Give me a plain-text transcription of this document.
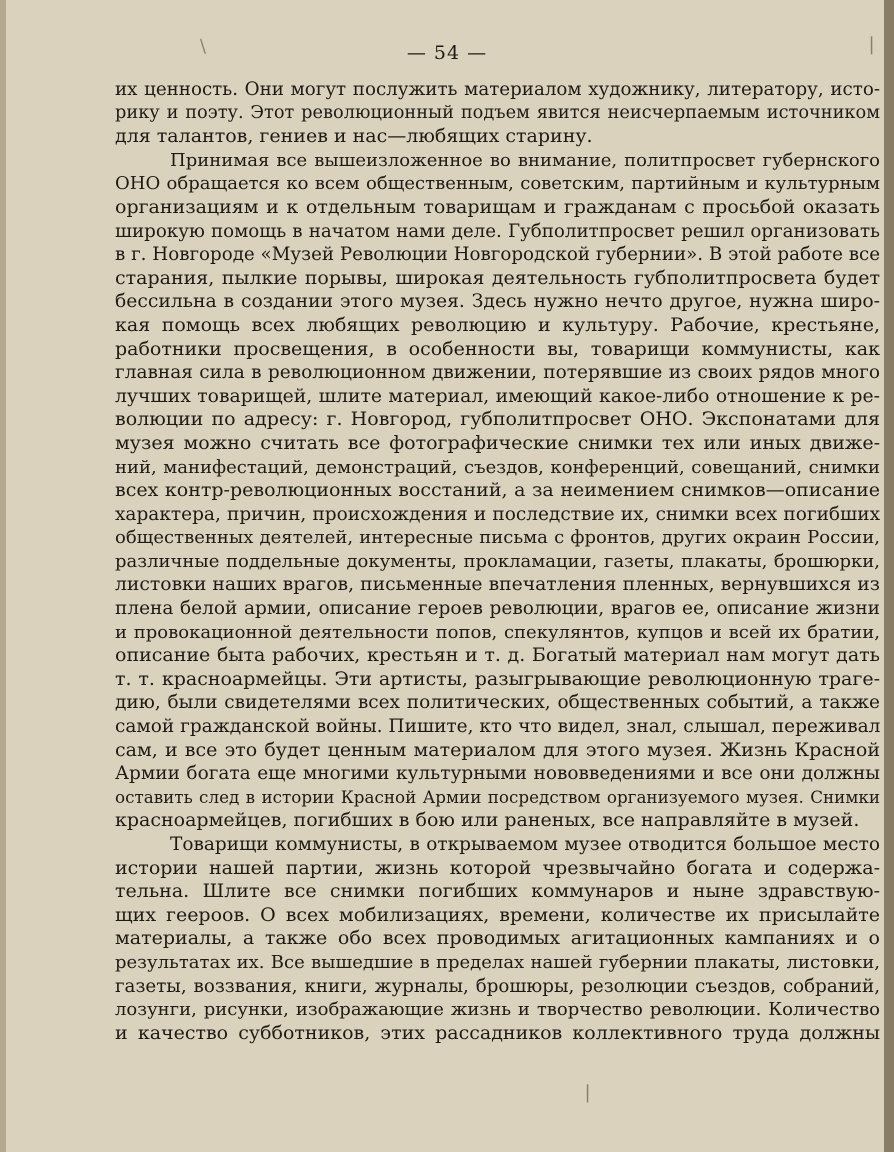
/	❘
— 54 —
их ценность. Они могут послужить материалом художнику, литератору, исто-
рику и поэту. Этот революционный подъем явится неисчерпаемым источником
для талантов, гениев и нас—любящих старину.
Принимая все вышеизложенное во внимание, политпросвет губернского
ОНО обращается ко всем общественным, советским, партийным и культурным
организациям и к отдельным товарищам и гражданам с просьбой оказать
широкую помощь в начатом нами деле. Губполитпросвет решил организовать
в г. Новгороде «Музей Революции Новгородской губернии». В этой работе все
старания, пылкие порывы, широкая деятельность губполитпросвета будет
бессильна в создании этого музея. Здесь нужно нечто другое, нужна широ-
кая помощь всех любящих революцию и культуру. Рабочие, крестьяне,
работники просвещения, в особенности вы, товарищи коммунисты, как
главная сила в революционном движении, потерявшие из своих рядов много
лучших товарищей, шлите материал, имеющий какое-либо отношение к ре-
волюции по адресу: г. Новгород, губполитпросвет ОНО. Экспонатами для
музея можно считать все фотографичеcкие снимки тех или иных движе-
ний, манифестаций, демонстраций, съездов, конференций, совещаний, снимки
всех контр-революционных восстаний, а за неимением снимков—описание
характера, причин, происхождения и последствие их, снимки всех погибших
общественных деятелей, интересные письма с фронтов, других окраин России,
различные поддельные документы, прокламации, газеты, плакаты, брошюрки,
листовки наших врагов, письменные впечатления пленных, вернувшихся из
плена белой армии, описание героев революции, врагов ее, описание жизни
и провокационной деятельности попов, спекулянтов, купцов и всей их братии,
описание быта рабочих, крестьян и т. д. Богатый материал нам могут дать
т. т. красноармейцы. Эти артисты, разыгрывающие революционную траге-
дию, были свидетелями всех политических, общественных событий, а также
самой гражданской войны. Пишите, кто что видел, знал, слышал, переживал
сам, и все это будет ценным материалом для этого музея. Жизнь Красной
Армии богата еще многими культурными нововведениями и все они должны
оставить след в истории Красной Армии посредством организуемого музея. Снимки
красноармейцев, погибших в бою или раненых, все направляйте в музей.
Товарищи коммунисты, в открываемом музее отводится большое место
истории нашей партии, жизнь которой чрезвычайно богата и содержа-
тельна. Шлите все снимки погибших коммунаров и ныне здравствую-
щих геероов. О всех мобилизациях, времени, количестве их присылайте
материалы, а также обо всех проводимых агитационных кампаниях и о
результатах их. Все вышедшие в пределах нашей губернии плакаты, листовки,
газеты, воззвания, книги, журналы, брошюры, резолюции съездов, собраний,
лозунги, рисунки, изображающие жизнь и творчество революции. Количество
и качество субботников, этих рассадников коллективного труда должны
❘
